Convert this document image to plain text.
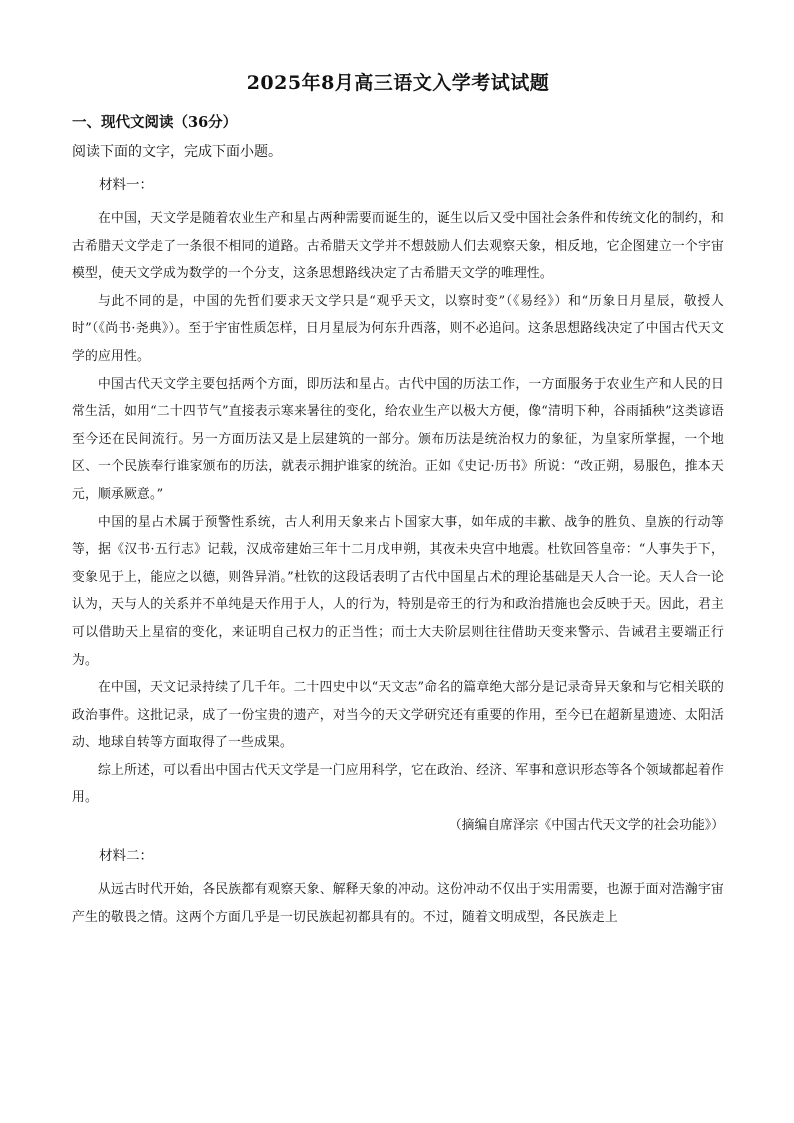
2025年8月高三语文入学考试试题
一、现代文阅读（36分）
阅读下面的文字，完成下面小题。
材料一：

在中国，天文学是随着农业生产和星占两种需要而诞生的，诞生以后又受中国社会条件和传统文化的制约，和古希腊天文学走了一条很不相同的道路。古希腊天文学并不想鼓励人们去观察天象，相反地，它企图建立一个宇宙模型，使天文学成为数学的一个分支，这条思想路线决定了古希腊天文学的唯理性。

与此不同的是，中国的先哲们要求天文学只是“观乎天文，以察时变”（《易经》）和“历象日月星辰，敬授人时”（《尚书·尧典》）。至于宇宙性质怎样，日月星辰为何东升西落，则不必追问。这条思想路线决定了中国古代天文学的应用性。

中国古代天文学主要包括两个方面，即历法和星占。古代中国的历法工作，一方面服务于农业生产和人民的日常生活，如用“二十四节气”直接表示寒来暑往的变化，给农业生产以极大方便，像“清明下种，谷雨插秧”这类谚语至今还在民间流行。另一方面历法又是上层建筑的一部分。颁布历法是统治权力的象征，为皇家所掌握，一个地区、一个民族奉行谁家颁布的历法，就表示拥护谁家的统治。正如《史记·历书》所说：“改正朔，易服色，推本天元，顺承厥意。”

中国的星占术属于预警性系统，古人利用天象来占卜国家大事，如年成的丰歉、战争的胜负、皇族的行动等等，据《汉书·五行志》记载，汉成帝建始三年十二月戊申朔，其夜未央宫中地震。杜钦回答皇帝：“人事失于下，变象见于上，能应之以德，则咎异消。”杜钦的这段话表明了古代中国星占术的理论基础是天人合一论。天人合一论认为，天与人的关系并不单纯是天作用于人，人的行为，特别是帝王的行为和政治措施也会反映于天。因此，君主可以借助天上星宿的变化，来证明自己权力的正当性；而士大夫阶层则往往借助天变来警示、告诫君主要端正行为。

在中国，天文记录持续了几千年。二十四史中以“天文志”命名的篇章绝大部分是记录奇异天象和与它相关联的政治事件。这批记录，成了一份宝贵的遗产，对当今的天文学研究还有重要的作用，至今已在超新星遗迹、太阳活动、地球自转等方面取得了一些成果。

综上所述，可以看出中国古代天文学是一门应用科学，它在政治、经济、军事和意识形态等各个领域都起着作用。

（摘编自席泽宗《中国古代天文学的社会功能》）
材料二：

从远古时代开始，各民族都有观察天象、解释天象的冲动。这份冲动不仅出于实用需要，也源于面对浩瀚宇宙产生的敬畏之情。这两个方面几乎是一切民族起初都具有的。不过，随着文明成型，各民族走上
